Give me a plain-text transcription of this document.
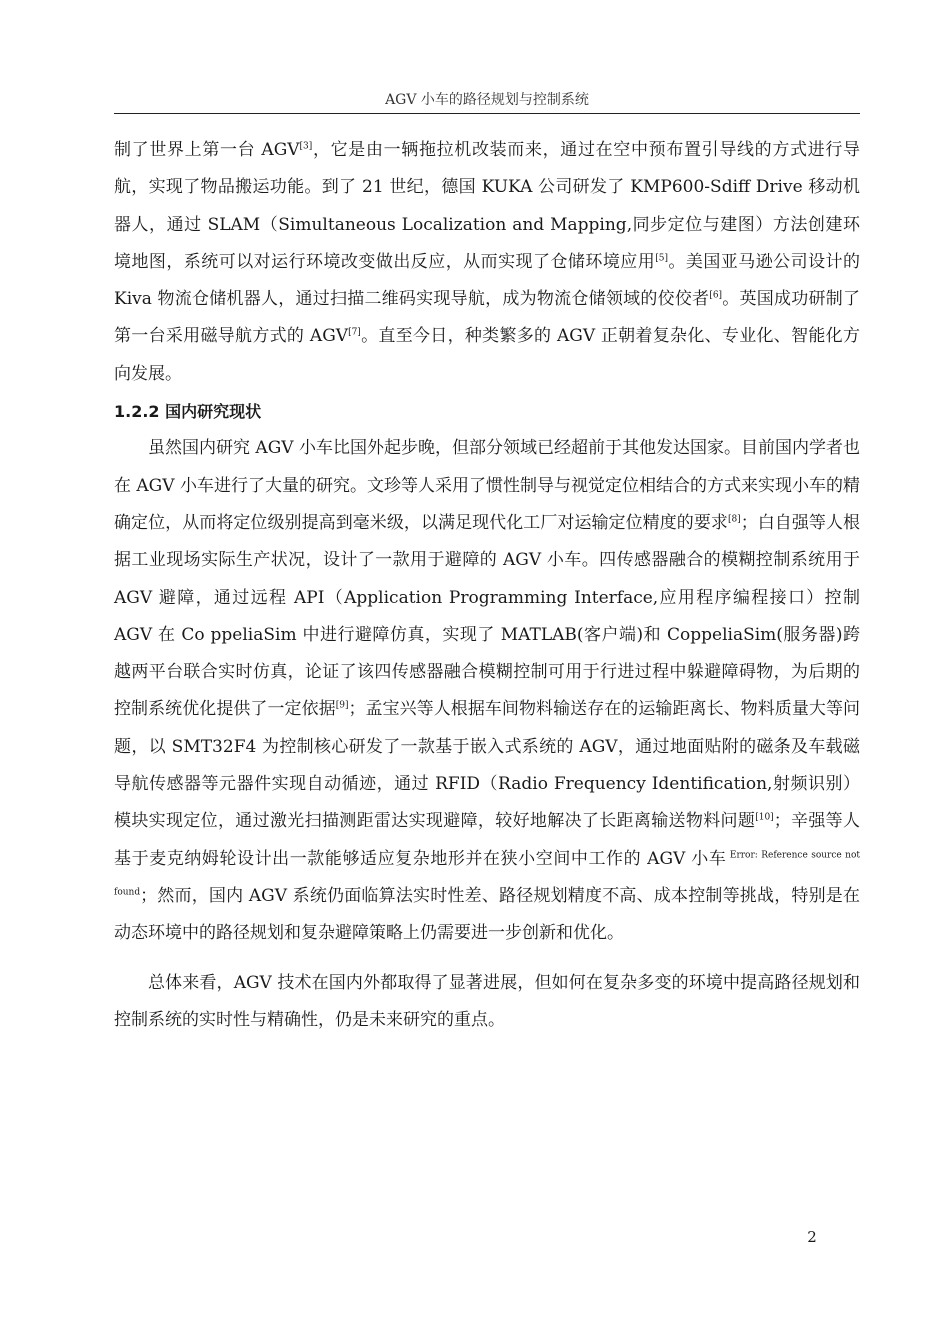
AGV 小车的路径规划与控制系统

制了世界上第一台 AGV[3]，它是由一辆拖拉机改装而来，通过在空中预布置引导线的方式进行导航，实现了物品搬运功能。到了 21 世纪，德国 KUKA 公司研发了 KMP600-Sdiff Drive 移动机器人，通过 SLAM（Simultaneous Localization and Mapping,同步定位与建图）方法创建环境地图，系统可以对运行环境改变做出反应，从而实现了仓储环境应用[5]。美国亚马逊公司设计的 Kiva 物流仓储机器人，通过扫描二维码实现导航，成为物流仓储领域的佼佼者[6]。英国成功研制了第一台采用磁导航方式的 AGV[7]。直至今日，种类繁多的 AGV 正朝着复杂化、专业化、智能化方向发展。

1.2.2 国内研究现状

虽然国内研究 AGV 小车比国外起步晚，但部分领域已经超前于其他发达国家。目前国内学者也在 AGV 小车进行了大量的研究。文珍等人采用了惯性制导与视觉定位相结合的方式来实现小车的精确定位，从而将定位级别提高到毫米级，以满足现代化工厂对运输定位精度的要求[8]；白自强等人根据工业现场实际生产状况，设计了一款用于避障的 AGV 小车。四传感器融合的模糊控制系统用于 AGV 避障，通过远程 API（Application Programming Interface,应用程序编程接口）控制 AGV 在 Co ppeliaSim 中进行避障仿真，实现了 MATLAB(客户端)和 CoppeliaSim(服务器)跨越两平台联合实时仿真，论证了该四传感器融合模糊控制可用于行进过程中躲避障碍物，为后期的控制系统优化提供了一定依据[9]；孟宝兴等人根据车间物料输送存在的运输距离长、物料质量大等问题，以 SMT32F4 为控制核心研发了一款基于嵌入式系统的 AGV，通过地面贴附的磁条及车载磁导航传感器等元器件实现自动循迹，通过 RFID（Radio Frequency Identification,射频识别）模块实现定位，通过激光扫描测距雷达实现避障，较好地解决了长距离输送物料问题[10]；辛强等人基于麦克纳姆轮设计出一款能够适应复杂地形并在狭小空间中工作的 AGV 小车 $^{Error: Reference source not found}$；然而，国内 AGV 系统仍面临算法实时性差、路径规划精度不高、成本控制等挑战，特别是在动态环境中的路径规划和复杂避障策略上仍需要进一步创新和优化。

总体来看，AGV 技术在国内外都取得了显著进展，但如何在复杂多变的环境中提高路径规划和控制系统的实时性与精确性，仍是未来研究的重点。

2
